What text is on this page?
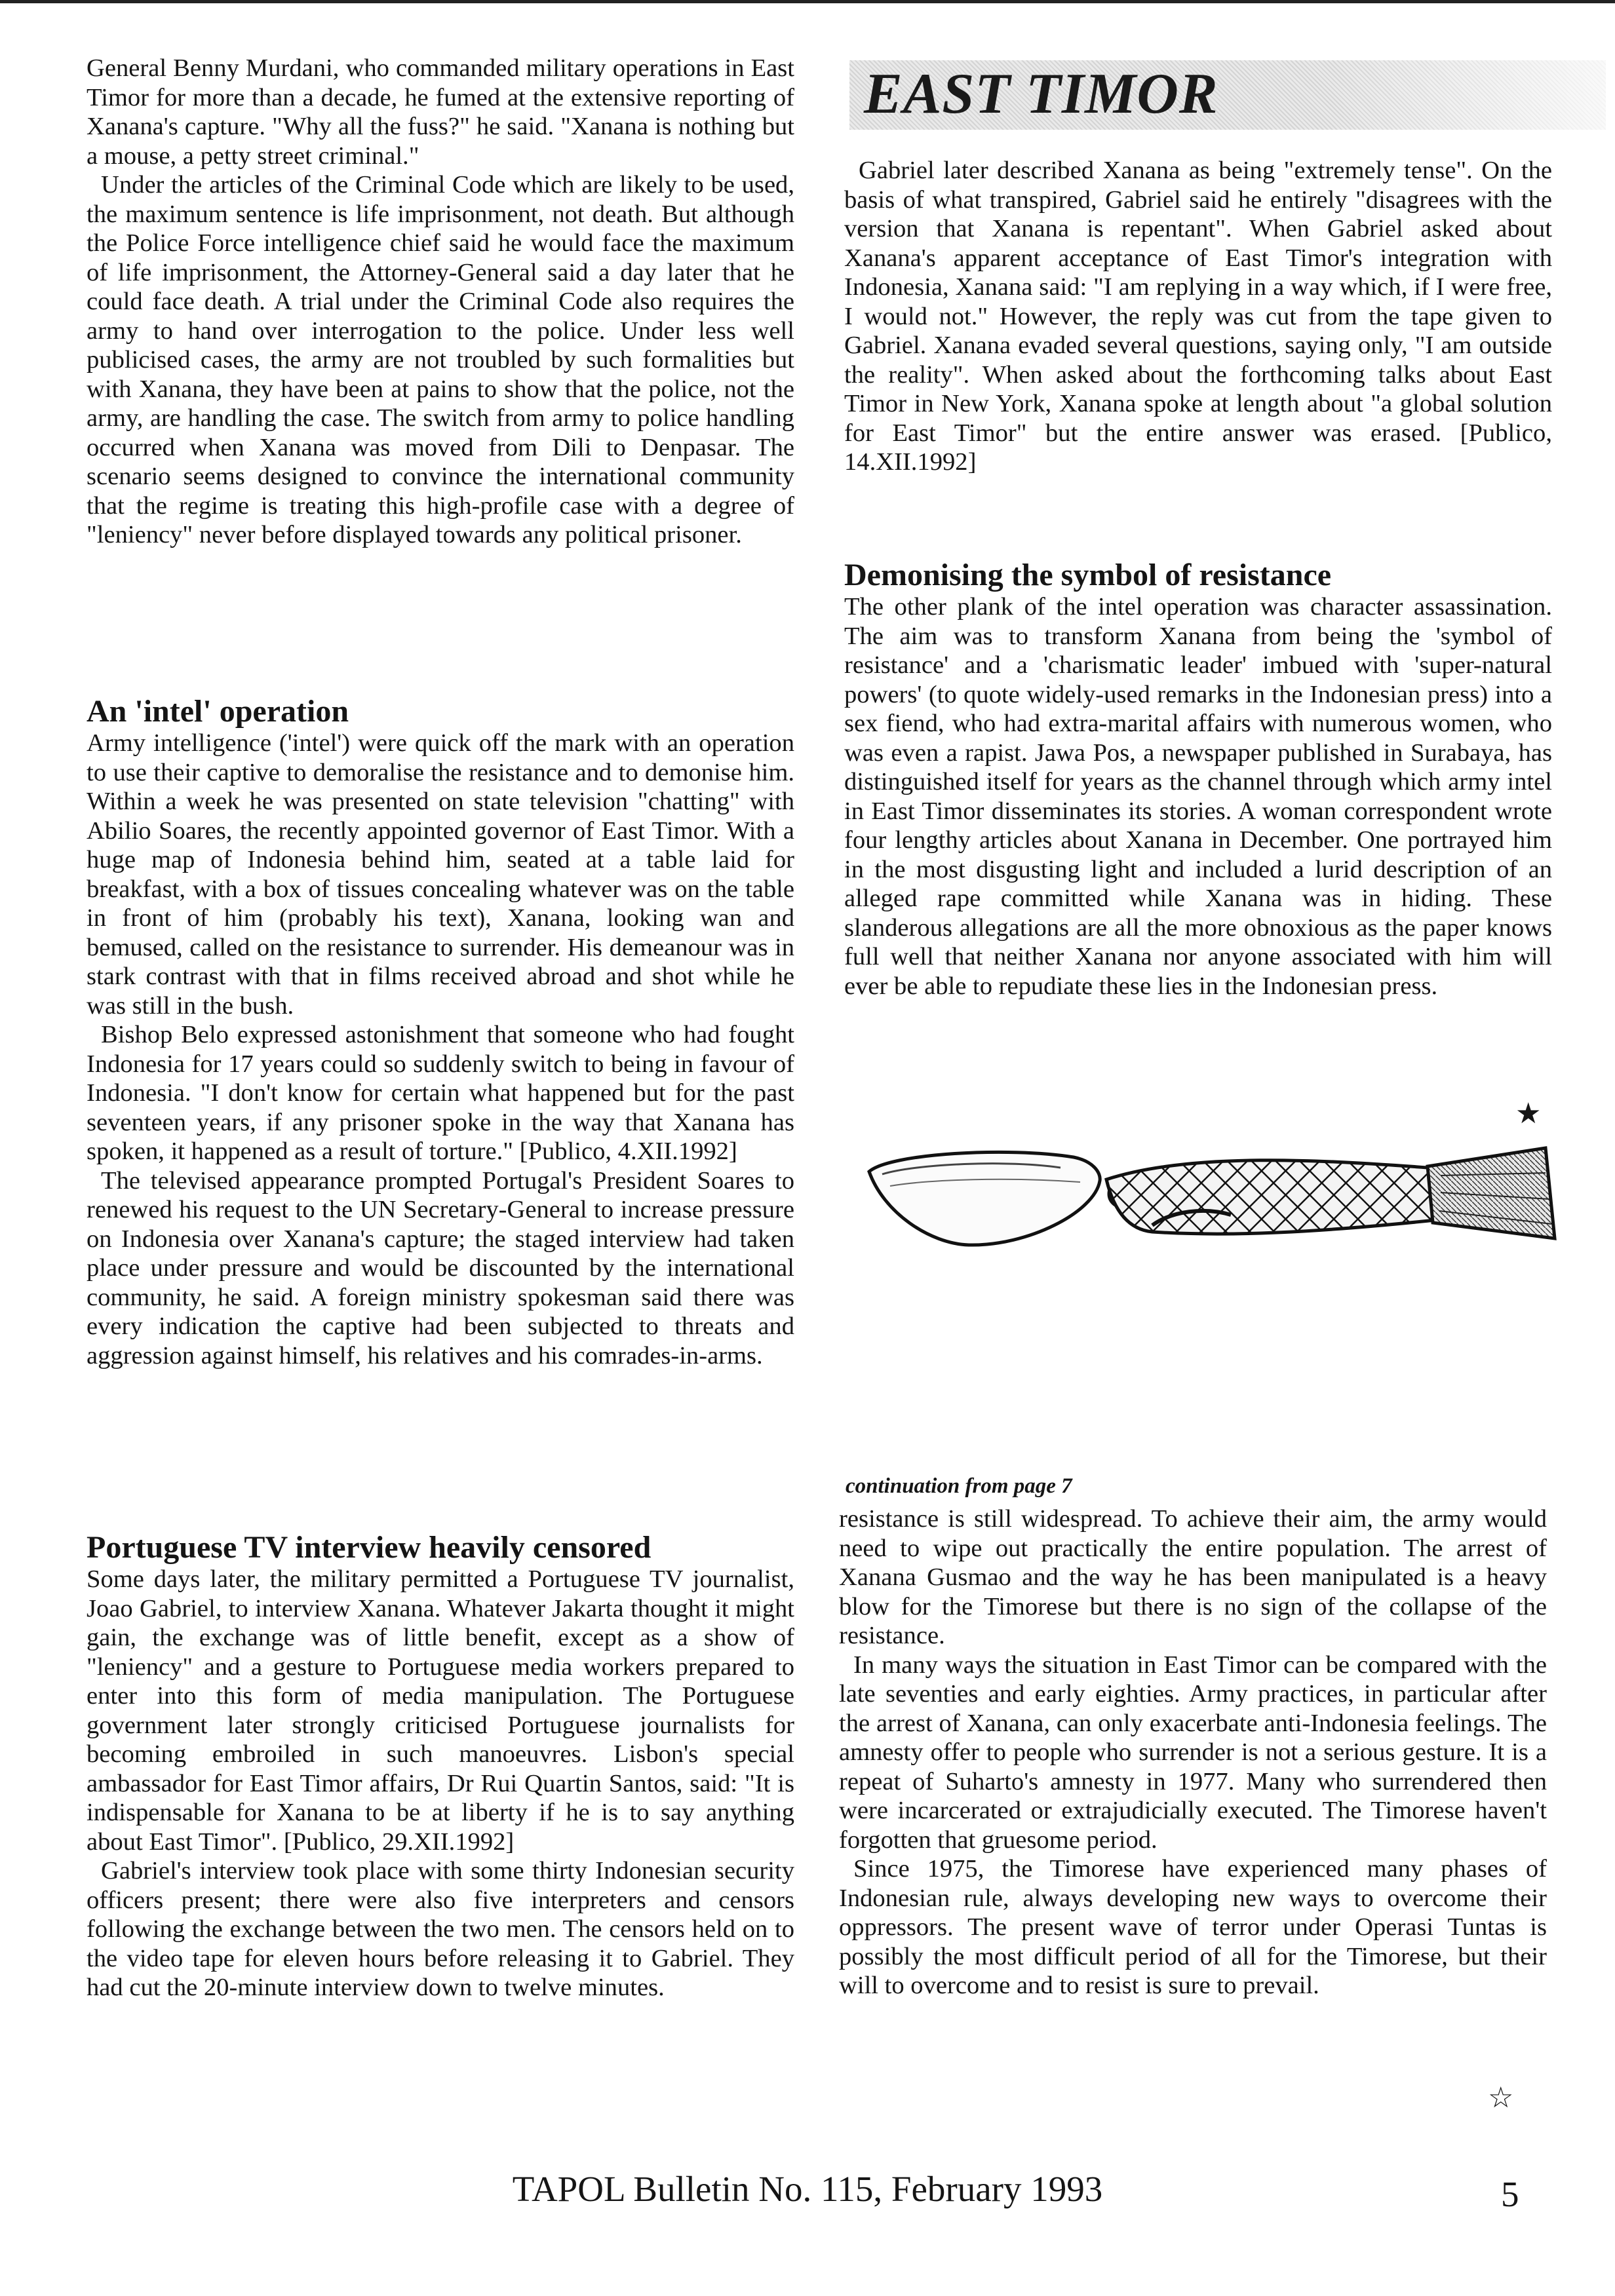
General Benny Murdani, who commanded military operations in East Timor for more than a decade, he fumed at the extensive reporting of Xanana's capture. "Why all the fuss?" he said. "Xanana is nothing but a mouse, a petty street criminal."

Under the articles of the Criminal Code which are likely to be used, the maximum sentence is life imprisonment, not death. But although the Police Force intelligence chief said he would face the maximum of life imprisonment, the Attorney-General said a day later that he could face death. A trial under the Criminal Code also requires the army to hand over interrogation to the police. Under less well publicised cases, the army are not troubled by such formalities but with Xanana, they have been at pains to show that the police, not the army, are handling the case. The switch from army to police handling occurred when Xanana was moved from Dili to Denpasar. The scenario seems designed to convince the international community that the regime is treating this high-profile case with a degree of "leniency" never before displayed towards any political prisoner.

An 'intel' operation

Army intelligence ('intel') were quick off the mark with an operation to use their captive to demoralise the resistance and to demonise him. Within a week he was presented on state television "chatting" with Abilio Soares, the recently appointed governor of East Timor. With a huge map of Indonesia behind him, seated at a table laid for breakfast, with a box of tissues concealing whatever was on the table in front of him (probably his text), Xanana, looking wan and bemused, called on the resistance to surrender. His demeanour was in stark contrast with that in films received abroad and shot while he was still in the bush.

Bishop Belo expressed astonishment that someone who had fought Indonesia for 17 years could so suddenly switch to being in favour of Indonesia. "I don't know for certain what happened but for the past seventeen years, if any prisoner spoke in the way that Xanana has spoken, it happened as a result of torture." [Publico, 4.XII.1992]

The televised appearance prompted Portugal's President Soares to renewed his request to the UN Secretary-General to increase pressure on Indonesia over Xanana's capture; the staged interview had taken place under pressure and would be discounted by the international community, he said. A foreign ministry spokesman said there was every indication the captive had been subjected to threats and aggression against himself, his relatives and his comrades-in-arms.

Portuguese TV interview heavily censored

Some days later, the military permitted a Portuguese TV journalist, Joao Gabriel, to interview Xanana. Whatever Jakarta thought it might gain, the exchange was of little benefit, except as a show of "leniency" and a gesture to Portuguese media workers prepared to enter into this form of media manipulation. The Portuguese government later strongly criticised Portuguese journalists for becoming embroiled in such manoeuvres. Lisbon's special ambassador for East Timor affairs, Dr Rui Quartin Santos, said: "It is indispensable for Xanana to be at liberty if he is to say anything about East Timor". [Publico, 29.XII.1992]

Gabriel's interview took place with some thirty Indonesian security officers present; there were also five interpreters and censors following the exchange between the two men. The censors held on to the video tape for eleven hours before releasing it to Gabriel. They had cut the 20-minute interview down to twelve minutes.

EAST TIMOR

Gabriel later described Xanana as being "extremely tense". On the basis of what transpired, Gabriel said he entirely "disagrees with the version that Xanana is repentant". When Gabriel asked about Xanana's apparent acceptance of East Timor's integration with Indonesia, Xanana said: "I am replying in a way which, if I were free, I would not." However, the reply was cut from the tape given to Gabriel. Xanana evaded several questions, saying only, "I am outside the reality". When asked about the forthcoming talks about East Timor in New York, Xanana spoke at length about "a global solution for East Timor" but the entire answer was erased. [Publico, 14.XII.1992]

Demonising the symbol of resistance

The other plank of the intel operation was character assassination. The aim was to transform Xanana from being the 'symbol of resistance' and a 'charismatic leader' imbued with 'super-natural powers' (to quote widely-used remarks in the Indonesian press) into a sex fiend, who had extra-marital affairs with numerous women, who was even a rapist. Jawa Pos, a newspaper published in Surabaya, has distinguished itself for years as the channel through which army intel in East Timor disseminates its stories. A woman correspondent wrote four lengthy articles about Xanana in December. One portrayed him in the most disgusting light and included a lurid description of an alleged rape committed while Xanana was in hiding. These slanderous allegations are all the more obnoxious as the paper knows full well that neither Xanana nor anyone associated with him will ever be able to repudiate these lies in the Indonesian press.

★

continuation from page 7

resistance is still widespread. To achieve their aim, the army would need to wipe out practically the entire population. The arrest of Xanana Gusmao and the way he has been manipulated is a heavy blow for the Timorese but there is no sign of the collapse of the resistance.

In many ways the situation in East Timor can be compared with the late seventies and early eighties. Army practices, in particular after the arrest of Xanana, can only exacerbate anti-Indonesia feelings. The amnesty offer to people who surrender is not a serious gesture. It is a repeat of Suharto's amnesty in 1977. Many who surrendered then were incarcerated or extrajudicially executed. The Timorese haven't forgotten that gruesome period.

Since 1975, the Timorese have experienced many phases of Indonesian rule, always developing new ways to overcome their oppressors. The present wave of terror under Operasi Tuntas is possibly the most difficult period of all for the Timorese, but their will to overcome and to resist is sure to prevail.

☆
TAPOL Bulletin No. 115, February 1993	5
